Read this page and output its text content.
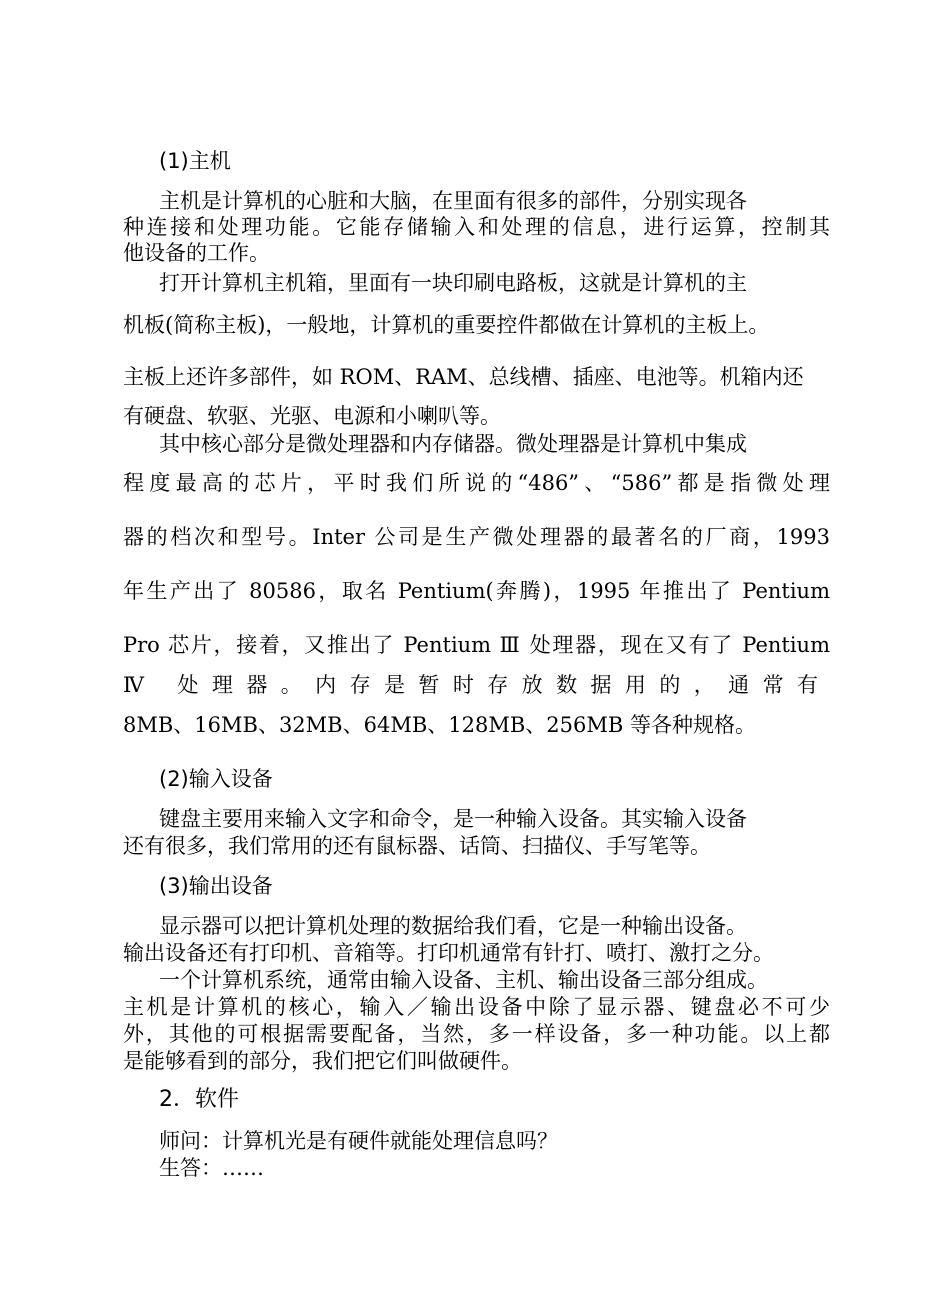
(1)主机
主机是计算机的心脏和大脑，在里面有很多的部件，分别实现各
种连接和处理功能。它能存储输入和处理的信息，进行运算，控制其
他设备的工作。
打开计算机主机箱，里面有一块印刷电路板，这就是计算机的主
机板(简称主板)，一般地，计算机的重要控件都做在计算机的主板上。
主板上还许多部件，如 ROM、RAM、总线槽、插座、电池等。机箱内还
有硬盘、软驱、光驱、电源和小喇叭等。
其中核心部分是微处理器和内存储器。微处理器是计算机中集成
程度最高的芯片，平时我们所说的“486”、“586”都是指微处理
器的档次和型号。Inter 公司是生产微处理器的最著名的厂商，1993
年生产出了 80586，取名 Pentium(奔腾)，1995 年推出了 Pentium
Pro 芯片，接着，又推出了 Pentium Ⅲ 处理器，现在又有了 Pentium
Ⅳ 处理器。内存是暂时存放数据用的，通常有
8MB、16MB、32MB、64MB、128MB、256MB 等各种规格。
(2)输入设备
键盘主要用来输入文字和命令，是一种输入设备。其实输入设备
还有很多，我们常用的还有鼠标器、话筒、扫描仪、手写笔等。
(3)输出设备
显示器可以把计算机处理的数据给我们看，它是一种输出设备。
输出设备还有打印机、音箱等。打印机通常有针打、喷打、激打之分。
一个计算机系统，通常由输入设备、主机、输出设备三部分组成。
主机是计算机的核心，输入／输出设备中除了显示器、键盘必不可少
外，其他的可根据需要配备，当然，多一样设备，多一种功能。以上都
是能够看到的部分，我们把它们叫做硬件。
2．软件
师问：计算机光是有硬件就能处理信息吗？
生答：……
